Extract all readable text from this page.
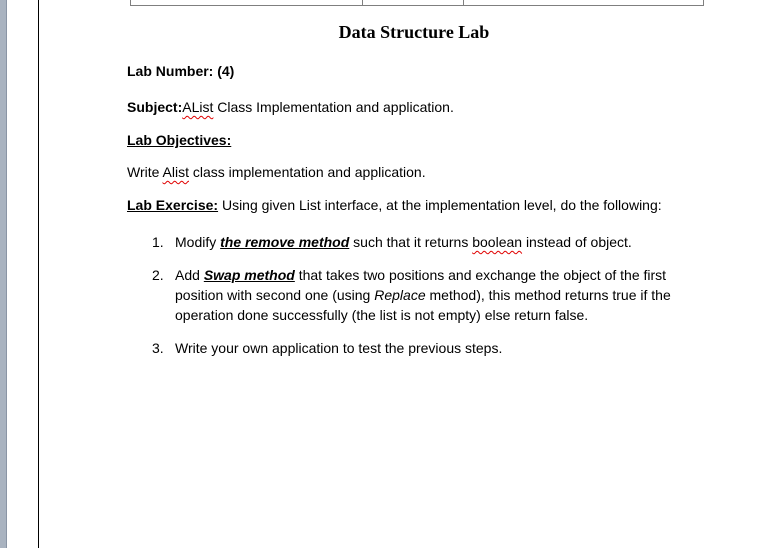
Data Structure Lab
Lab Number: (4)
Subject:AList Class Implementation and application.
Lab Objectives:
Write Alist class implementation and application.
Lab Exercise: Using given List interface, at the implementation level, do the following:
1. Modify the remove method such that it returns boolean instead of object.
2. Add Swap method that takes two positions and exchange the object of the first position with second one (using Replace method), this method returns true if the operation done successfully (the list is not empty) else return false.
3. Write your own application to test the previous steps.
